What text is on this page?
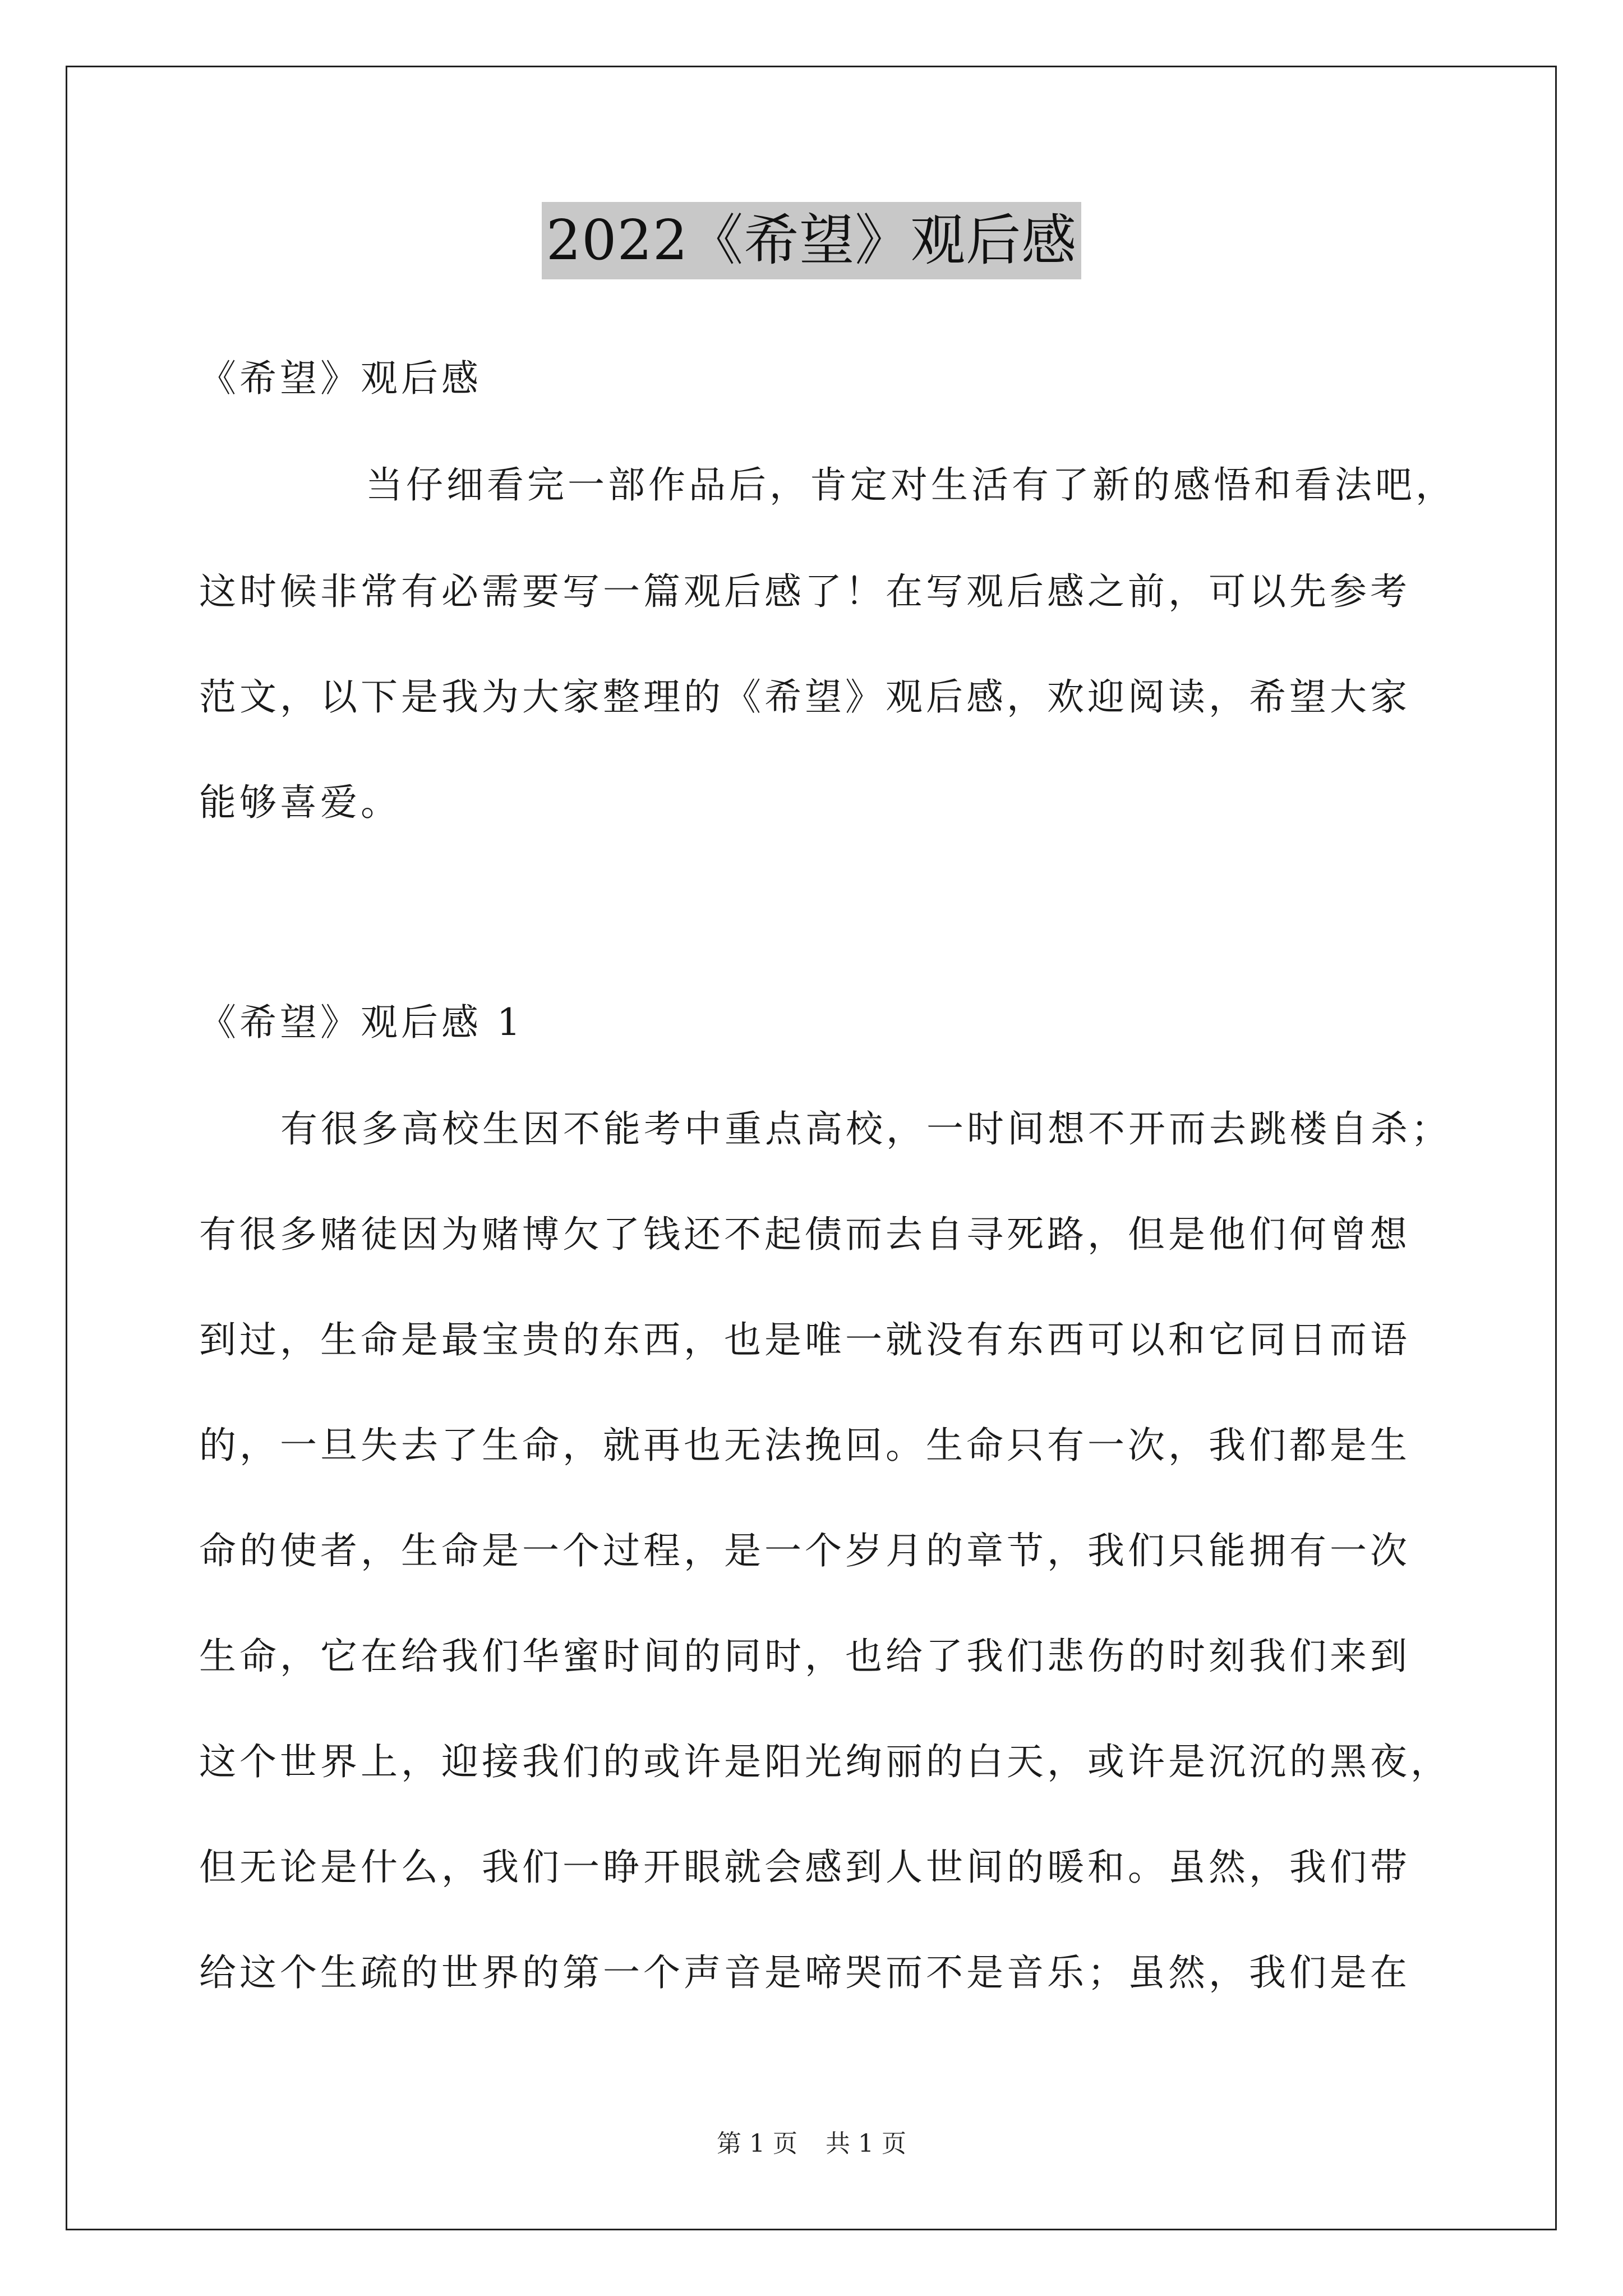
2022《希望》观后感
《希望》观后感
当仔细看完一部作品后，肯定对生活有了新的感悟和看法吧，
这时候非常有必需要写一篇观后感了！在写观后感之前，可以先参考
范文，以下是我为大家整理的《希望》观后感，欢迎阅读，希望大家
能够喜爱。
《希望》观后感 1
有很多高校生因不能考中重点高校，一时间想不开而去跳楼自杀；
有很多赌徒因为赌博欠了钱还不起债而去自寻死路，但是他们何曾想
到过，生命是最宝贵的东西，也是唯一就没有东西可以和它同日而语
的，一旦失去了生命，就再也无法挽回。生命只有一次，我们都是生
命的使者，生命是一个过程，是一个岁月的章节，我们只能拥有一次
生命，它在给我们华蜜时间的同时，也给了我们悲伤的时刻我们来到
这个世界上，迎接我们的或许是阳光绚丽的白天，或许是沉沉的黑夜，
但无论是什么，我们一睁开眼就会感到人世间的暖和。虽然，我们带
给这个生疏的世界的第一个声音是啼哭而不是音乐；虽然，我们是在
第 1 页 共 1 页
